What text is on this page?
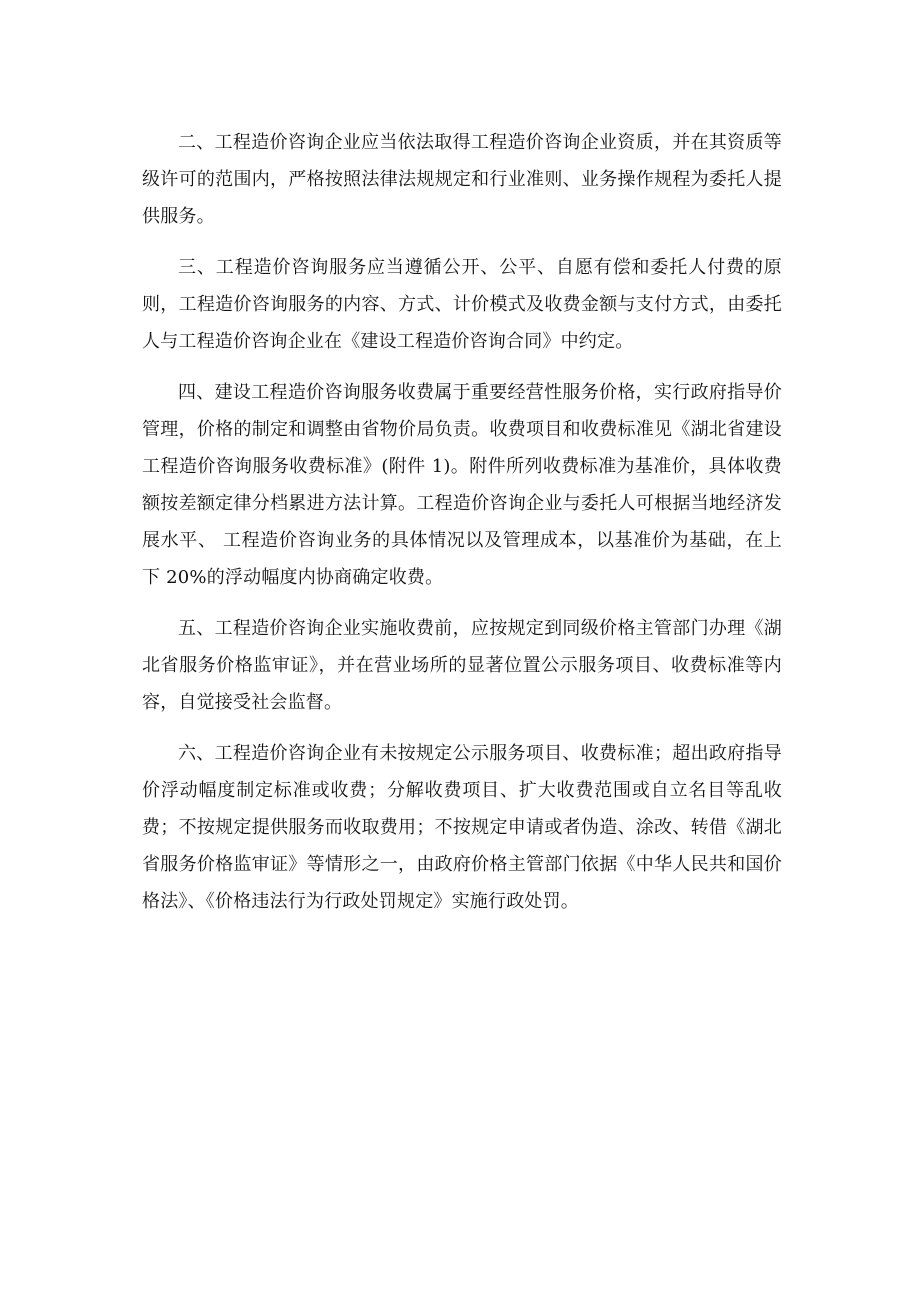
二、工程造价咨询企业应当依法取得工程造价咨询企业资质，并在其资质等级许可的范围内，严格按照法律法规规定和行业准则、业务操作规程为委托人提供服务。

三、工程造价咨询服务应当遵循公开、公平、自愿有偿和委托人付费的原则，工程造价咨询服务的内容、方式、计价模式及收费金额与支付方式，由委托人与工程造价咨询企业在《建设工程造价咨询合同》中约定。

四、建设工程造价咨询服务收费属于重要经营性服务价格，实行政府指导价管理，价格的制定和调整由省物价局负责。收费项目和收费标准见《湖北省建设工程造价咨询服务收费标准》(附件 1)。附件所列收费标准为基准价，具体收费额按差额定律分档累进方法计算。工程造价咨询企业与委托人可根据当地经济发展水平、 工程造价咨询业务的具体情况以及管理成本，以基准价为基础，在上下 20%的浮动幅度内协商确定收费。

五、工程造价咨询企业实施收费前，应按规定到同级价格主管部门办理《湖北省服务价格监审证》，并在营业场所的显著位置公示服务项目、收费标准等内容，自觉接受社会监督。

六、工程造价咨询企业有未按规定公示服务项目、收费标准；超出政府指导价浮动幅度制定标准或收费；分解收费项目、扩大收费范围或自立名目等乱收费；不按规定提供服务而收取费用；不按规定申请或者伪造、涂改、转借《湖北省服务价格监审证》等情形之一，由政府价格主管部门依据《中华人民共和国价格法》、《价格违法行为行政处罚规定》实施行政处罚。
